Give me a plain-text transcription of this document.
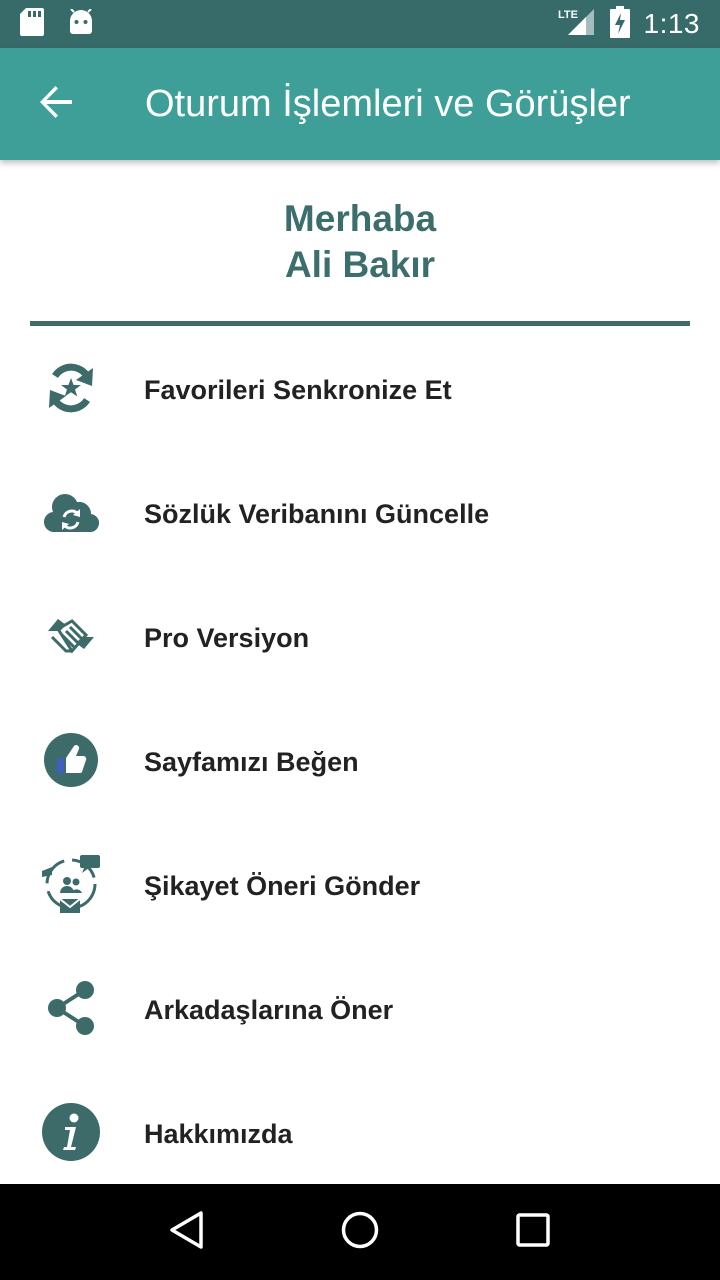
LTE 1:13
Oturum İşlemleri ve Görüşler
Merhaba
Ali Bakır
Favorileri Senkronize Et
Sözlük Veribanını Güncelle
Pro Versiyon
Sayfamızı Beğen
Şikayet Öneri Gönder
Arkadaşlarına Öner
Hakkımızda
